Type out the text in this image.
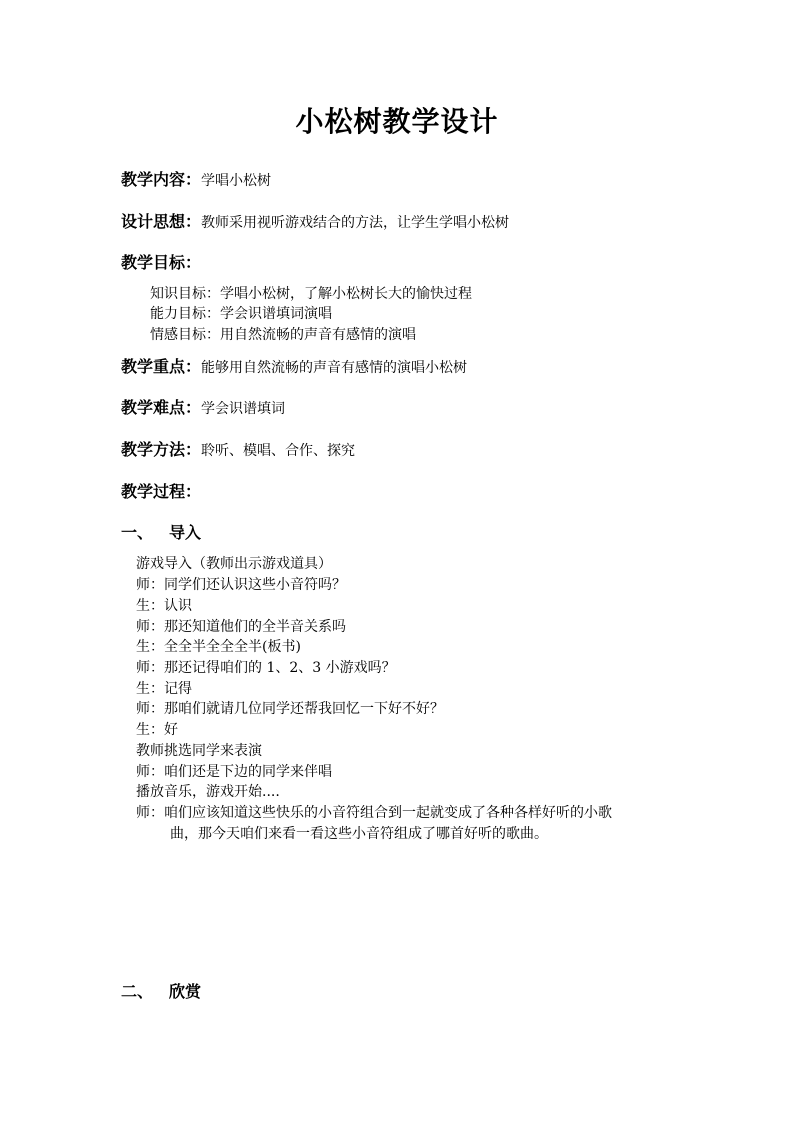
小松树教学设计
教学内容：学唱小松树
设计思想：教师采用视听游戏结合的方法，让学生学唱小松树
教学目标：
知识目标：学唱小松树，了解小松树长大的愉快过程
能力目标：学会识谱填词演唱
情感目标：用自然流畅的声音有感情的演唱
教学重点：能够用自然流畅的声音有感情的演唱小松树
教学难点：学会识谱填词
教学方法：聆听、模唱、合作、探究
教学过程：
一、 导入
游戏导入（教师出示游戏道具）
师：同学们还认识这些小音符吗？
生：认识
师：那还知道他们的全半音关系吗
生：全全半全全全半(板书)
师：那还记得咱们的 1、2、3 小游戏吗？
生：记得
师：那咱们就请几位同学还帮我回忆一下好不好？
生：好
教师挑选同学来表演
师：咱们还是下边的同学来伴唱
播放音乐，游戏开始....
师：咱们应该知道这些快乐的小音符组合到一起就变成了各种各样好听的小歌
曲，那今天咱们来看一看这些小音符组成了哪首好听的歌曲。
二、 欣赏
